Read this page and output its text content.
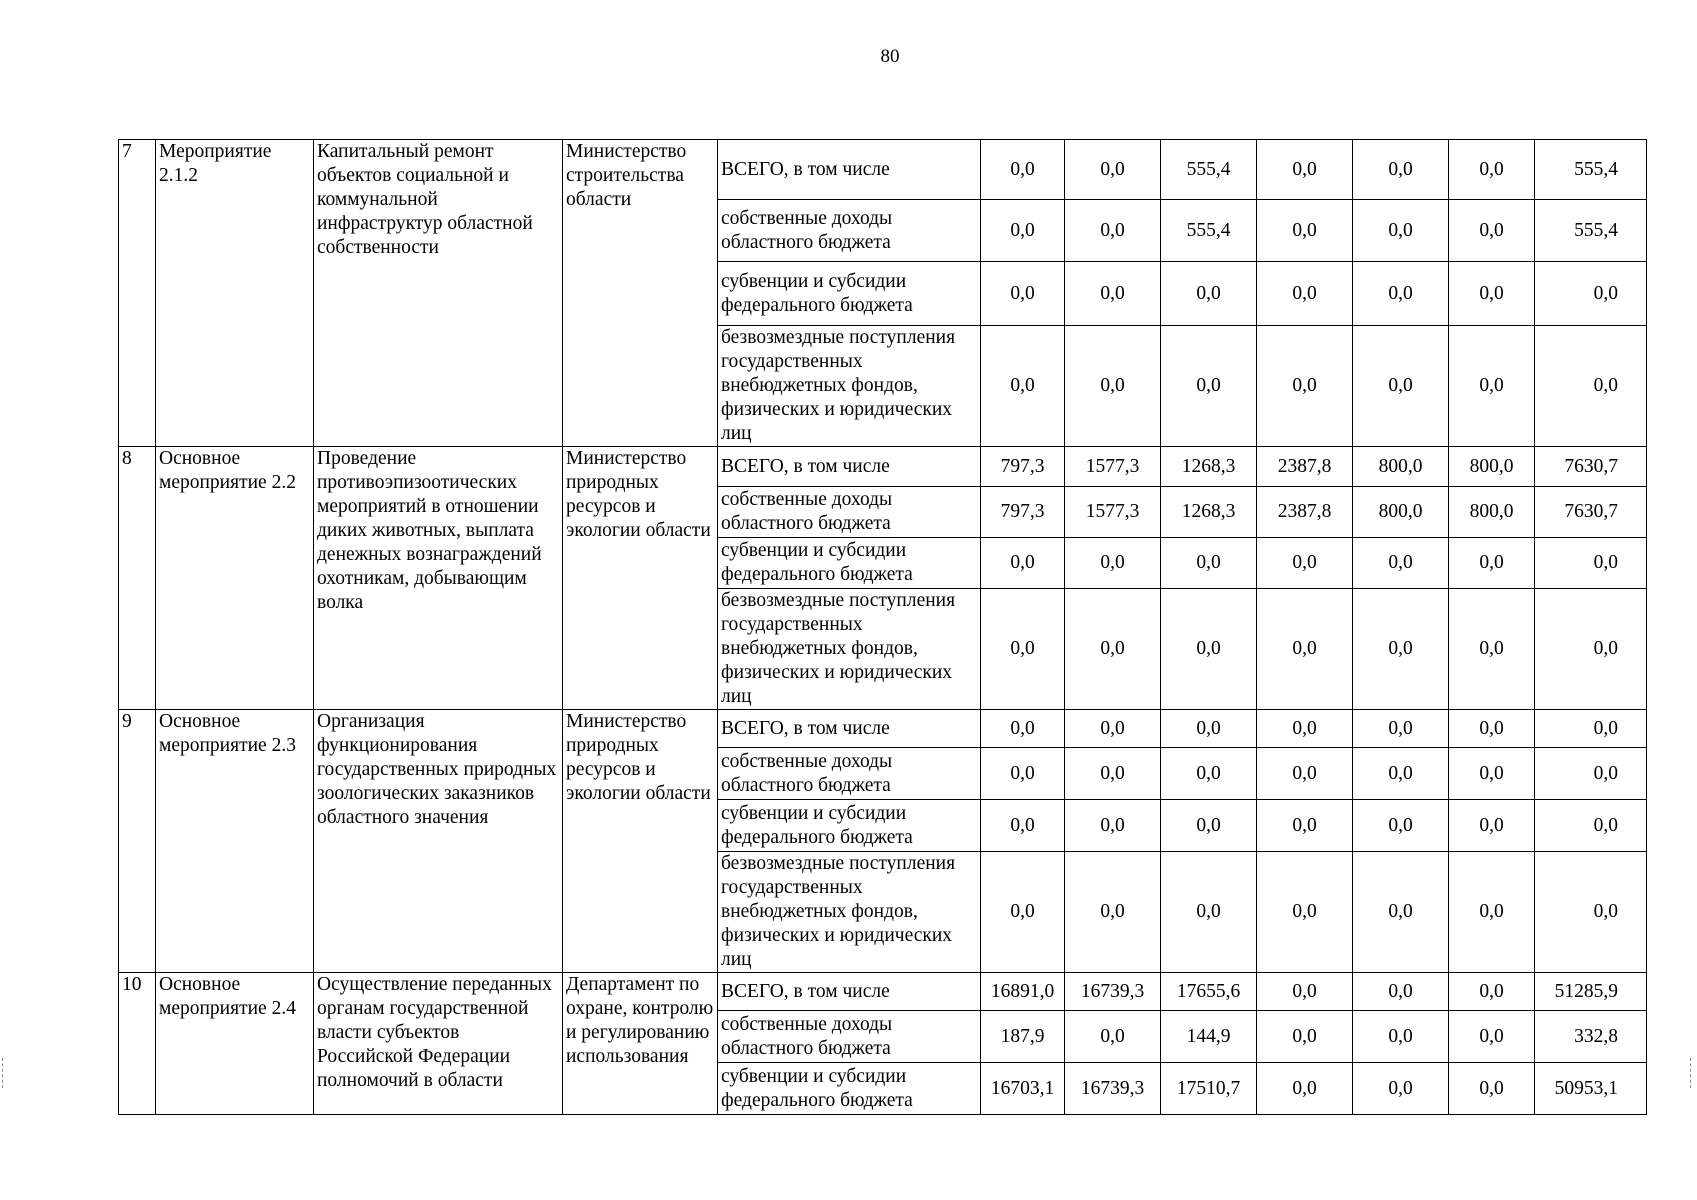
80
7	Мероприятие 2.1.2	Капитальный ремонт объектов социальной и коммунальной инфраструктур областной собственности	Министерство строительства области	ВСЕГО, в том числе	0,0	0,0	555,4	0,0	0,0	0,0	555,4
				собственные доходы областного бюджета	0,0	0,0	555,4	0,0	0,0	0,0	555,4
				субвенции и субсидии федерального бюджета	0,0	0,0	0,0	0,0	0,0	0,0	0,0
				безвозмездные поступления государственных внебюджетных фондов, физических и юридических лиц	0,0	0,0	0,0	0,0	0,0	0,0	0,0
8	Основное мероприятие 2.2	Проведение противоэпизоотических мероприятий в отношении диких животных, выплата денежных вознаграждений охотникам, добывающим волка	Министерство природных ресурсов и экологии области	ВСЕГО, в том числе	797,3	1577,3	1268,3	2387,8	800,0	800,0	7630,7
				собственные доходы областного бюджета	797,3	1577,3	1268,3	2387,8	800,0	800,0	7630,7
				субвенции и субсидии федерального бюджета	0,0	0,0	0,0	0,0	0,0	0,0	0,0
				безвозмездные поступления государственных внебюджетных фондов, физических и юридических лиц	0,0	0,0	0,0	0,0	0,0	0,0	0,0
9	Основное мероприятие 2.3	Организация функционирования государственных природных зоологических заказников областного значения	Министерство природных ресурсов и экологии области	ВСЕГО, в том числе	0,0	0,0	0,0	0,0	0,0	0,0	0,0
				собственные доходы областного бюджета	0,0	0,0	0,0	0,0	0,0	0,0	0,0
				субвенции и субсидии федерального бюджета	0,0	0,0	0,0	0,0	0,0	0,0	0,0
				безвозмездные поступления государственных внебюджетных фондов, физических и юридических лиц	0,0	0,0	0,0	0,0	0,0	0,0	0,0
10	Основное мероприятие 2.4	Осуществление переданных органам государственной власти субъектов Российской Федерации полномочий в области	Департамент по охране, контролю и регулированию использования	ВСЕГО, в том числе	16891,0	16739,3	17655,6	0,0	0,0	0,0	51285,9
				собственные доходы областного бюджета	187,9	0,0	144,9	0,0	0,0	0,0	332,8
				субвенции и субсидии федерального бюджета	16703,1	16739,3	17510,7	0,0	0,0	0,0	50953,1
